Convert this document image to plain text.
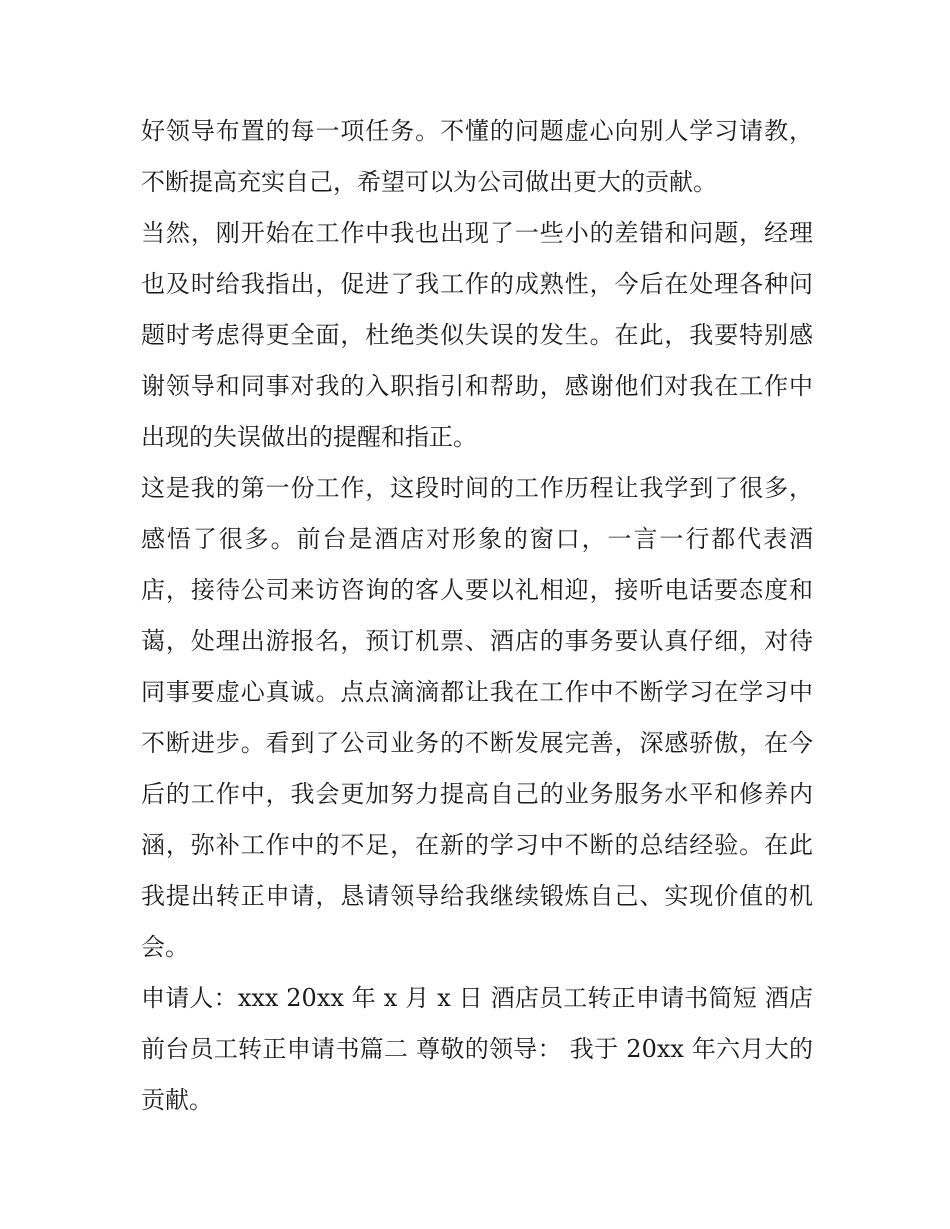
好领导布置的每一项任务。不懂的问题虚心向别人学习请教，
不断提高充实自己，希望可以为公司做出更大的贡献。
当然，刚开始在工作中我也出现了一些小的差错和问题，经理
也及时给我指出，促进了我工作的成熟性，今后在处理各种问
题时考虑得更全面，杜绝类似失误的发生。在此，我要特别感
谢领导和同事对我的入职指引和帮助，感谢他们对我在工作中
出现的失误做出的提醒和指正。
这是我的第一份工作，这段时间的工作历程让我学到了很多，
感悟了很多。前台是酒店对形象的窗口，一言一行都代表酒
店，接待公司来访咨询的客人要以礼相迎，接听电话要态度和
蔼，处理出游报名，预订机票、酒店的事务要认真仔细，对待
同事要虚心真诚。点点滴滴都让我在工作中不断学习在学习中
不断进步。看到了公司业务的不断发展完善，深感骄傲，在今
后的工作中，我会更加努力提高自己的业务服务水平和修养内
涵，弥补工作中的不足，在新的学习中不断的总结经验。在此
我提出转正申请，恳请领导给我继续锻炼自己、实现价值的机
会。
申请人：xxx 20xx 年 x 月 x 日 酒店员工转正申请书简短 酒店
前台员工转正申请书篇二 尊敬的领导： 我于 20xx 年六月大的
贡献。
